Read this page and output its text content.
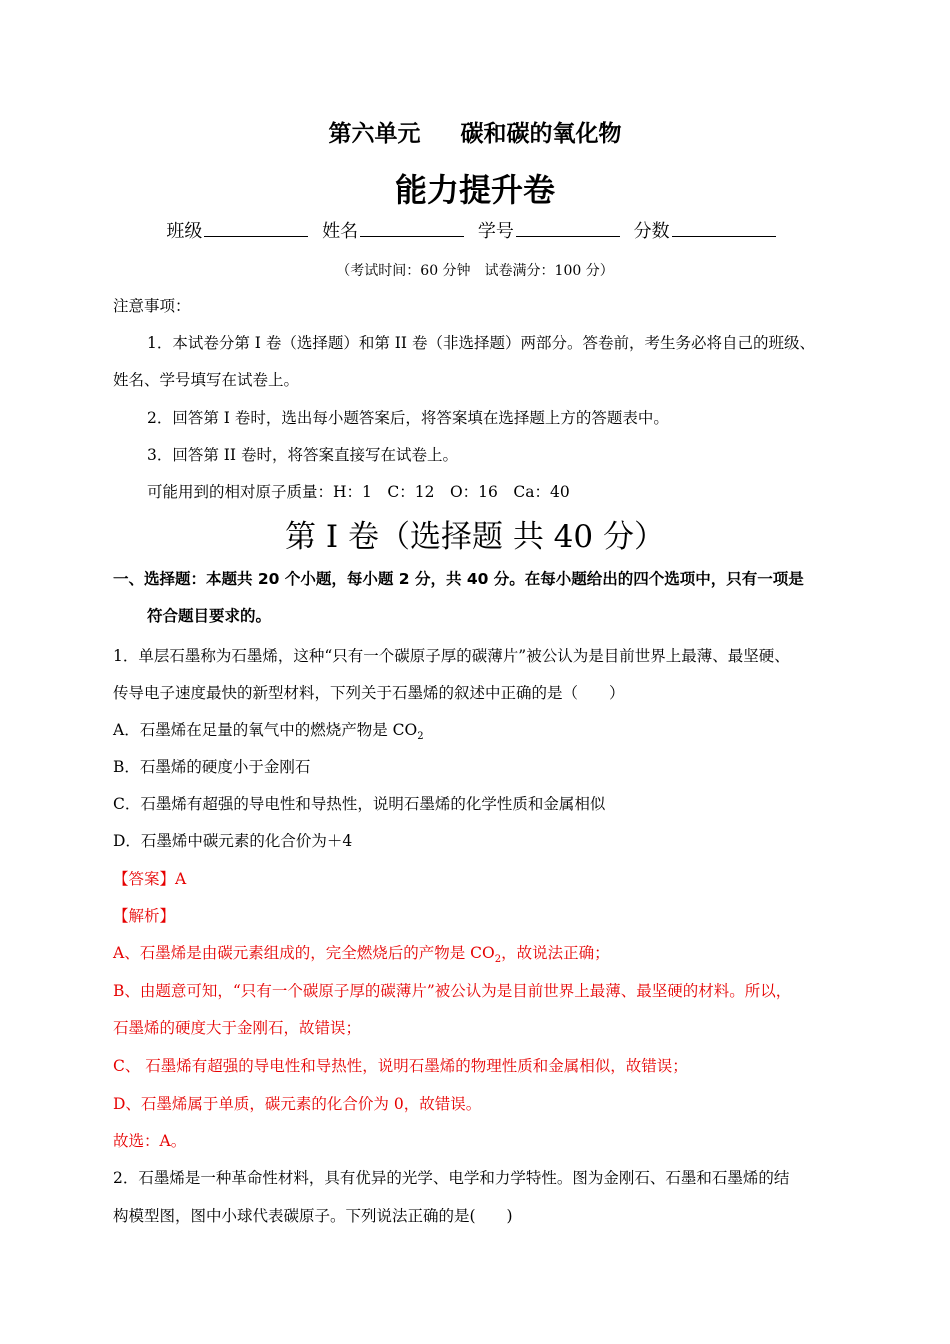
第六单元 碳和碳的氧化物
能力提升卷
班级	姓名	学号	分数
（考试时间：60 分钟　试卷满分：100 分）
注意事项：
1．本试卷分第 I 卷（选择题）和第 II 卷（非选择题）两部分。答卷前，考生务必将自己的班级、
姓名、学号填写在试卷上。
2．回答第 I 卷时，选出每小题答案后，将答案填在选择题上方的答题表中。
3．回答第 II 卷时，将答案直接写在试卷上。
可能用到的相对原子质量：H：1　C：12　O：16　Ca：40
第 I 卷（选择题 共 40 分）
一、选择题：本题共 20 个小题，每小题 2 分，共 40 分。在每小题给出的四个选项中，只有一项是
符合题目要求的。
1．单层石墨称为石墨烯，这种“只有一个碳原子厚的碳薄片”被公认为是目前世界上最薄、最坚硬、
传导电子速度最快的新型材料，下列关于石墨烯的叙述中正确的是（　　）
A．石墨烯在足量的氧气中的燃烧产物是 $CO_2$
B．石墨烯的硬度小于金刚石
C．石墨烯有超强的导电性和导热性，说明石墨烯的化学性质和金属相似
D．石墨烯中碳元素的化合价为＋4
【答案】A
【解析】
A、石墨烯是由碳元素组成的，完全燃烧后的产物是 $CO_2$，故说法正确；
B、由题意可知，“只有一个碳原子厚的碳薄片”被公认为是目前世界上最薄、最坚硬的材料。所以，
石墨烯的硬度大于金刚石，故错误；
C、 石墨烯有超强的导电性和导热性，说明石墨烯的物理性质和金属相似，故错误；
D、石墨烯属于单质，碳元素的化合价为 0，故错误。
故选：A。
2．石墨烯是一种革命性材料，具有优异的光学、电学和力学特性。图为金刚石、石墨和石墨烯的结
构模型图，图中小球代表碳原子。下列说法正确的是(　　)
